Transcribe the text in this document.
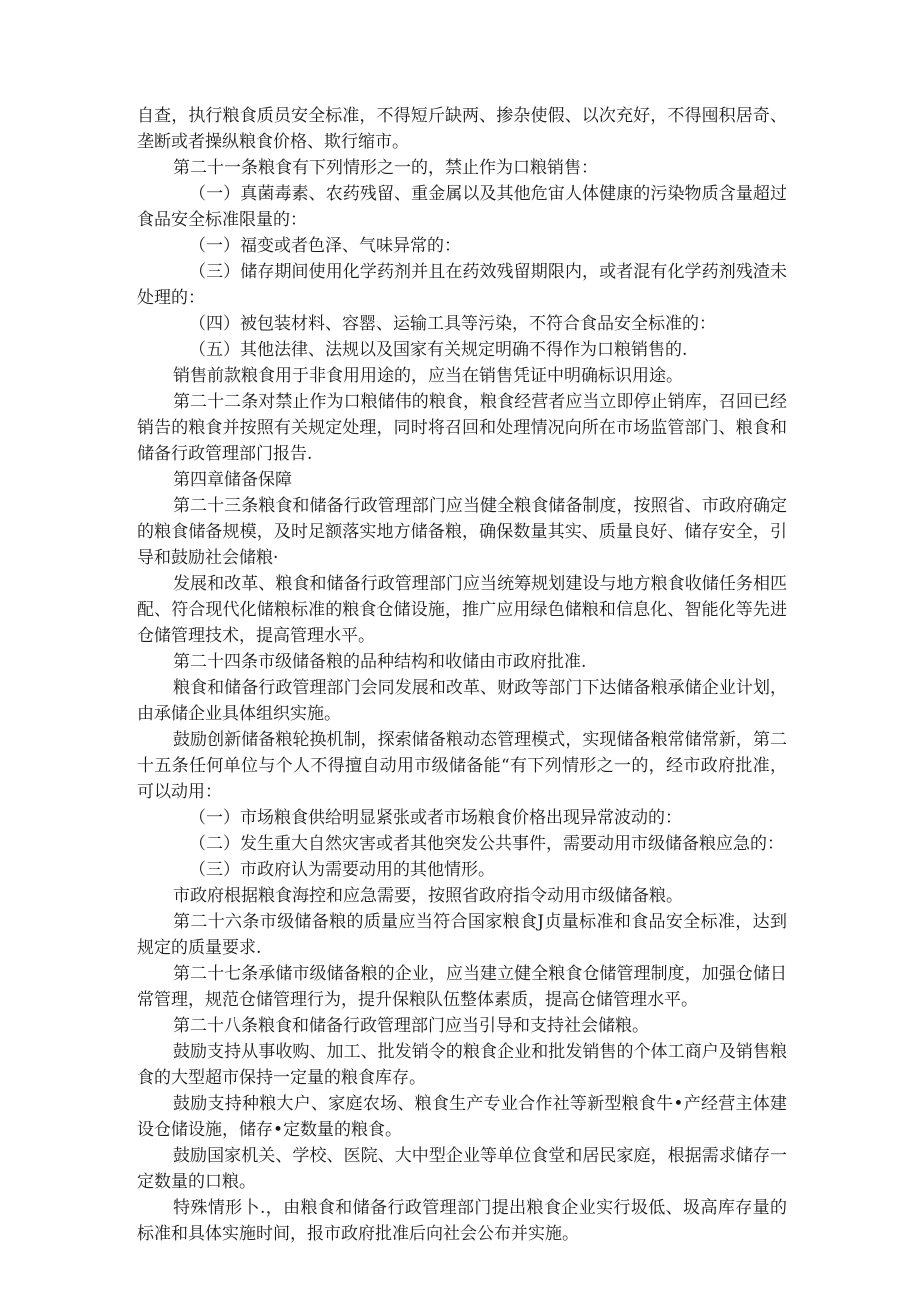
自查，执行粮食质员安全标准，不得短斤缺两、掺杂使假、以次充好，不得囤积居奇、垄断或者操纵粮食价格、欺行缩市。

第二十一条粮食有下列情形之一的，禁止作为口粮销售：

（一）真菌毒素、农药残留、重金属以及其他危宙人体健康的污染物质含量超过食品安全标准限量的：

（一）福变或者色泽、气味异常的：

（三）储存期间使用化学药剂并且在药效残留期限内，或者混有化学药剂残渣未处理的：

（四）被包装材料、容罂、运输工具等污染，不符合食品安全标准的：

（五）其他法律、法规以及国家有关规定明确不得作为口粮销售的.

销售前款粮食用于非食用用途的，应当在销售凭证中明确标识用途。

第二十二条对禁止作为口粮储伟的粮食，粮食经营者应当立即停止销库，召回已经销告的粮食并按照有关规定处理，同时将召回和处理情况向所在市场监管部门、粮食和储备行政管理部门报告.

第四章储备保障

第二十三条粮食和储备行政管理部门应当健全粮食储备制度，按照省、市政府确定的粮食储备规模，及时足额落实地方储备粮，确保数量其实、质量良好、储存安全，引导和鼓励社会储粮·

发展和改革、粮食和储备行政管理部门应当统筹规划建设与地方粮食收储任务相匹配、符合现代化储粮标准的粮食仓储设施，推广应用绿色储粮和信息化、智能化等先进仓储管理技术，提高管理水平。

第二十四条市级储备粮的品种结构和收储由市政府批准.

粮食和储备行政管理部门会同发展和改革、财政等部门下达储备粮承储企业计划，由承储企业具体组织实施。

鼓励创新储备粮轮换机制，探索储备粮动态管理模式，实现储备粮常储常新，第二十五条任何单位与个人不得擅自动用市级储备能“有下列情形之一的，经市政府批准，可以动用：

（一）市场粮食供给明显紧张或者市场粮食价格出现异常波动的：

（二）发生重大自然灾害或者其他突发公共事件，需要动用市级储备粮应急的：

（三）市政府认为需要动用的其他情形。

市政府根据粮食海控和应急需要，按照省政府指令动用市级储备粮。

第二十六条市级储备粮的质量应当符合国家粮食J贞量标准和食品安全标准，达到规定的质量要求.

第二十七条承储市级储备粮的企业，应当建立健全粮食仓储管理制度，加强仓储日常管理，规范仓储管理行为，提升保粮队伍整体素质，提高仓储管理水平。

第二十八条粮食和储备行政管理部门应当引导和支持社会储粮。

鼓励支持从事收购、加工、批发销令的粮食企业和批发销售的个体工商户及销售粮食的大型超市保持一定量的粮食库存。

鼓励支持种粮大户、家庭农场、粮食生产专业合作社等新型粮食牛•产经营主体建设仓储设施，储存•定数量的粮食。

鼓励国家机关、学校、医院、大中型企业等单位食堂和居民家庭，根据需求储存一定数量的口粮。

特殊情形卜.，由粮食和储备行政管理部门提出粮食企业实行圾低、圾高库存量的标准和具体实施时间，报市政府批准后向社会公布并实施。
